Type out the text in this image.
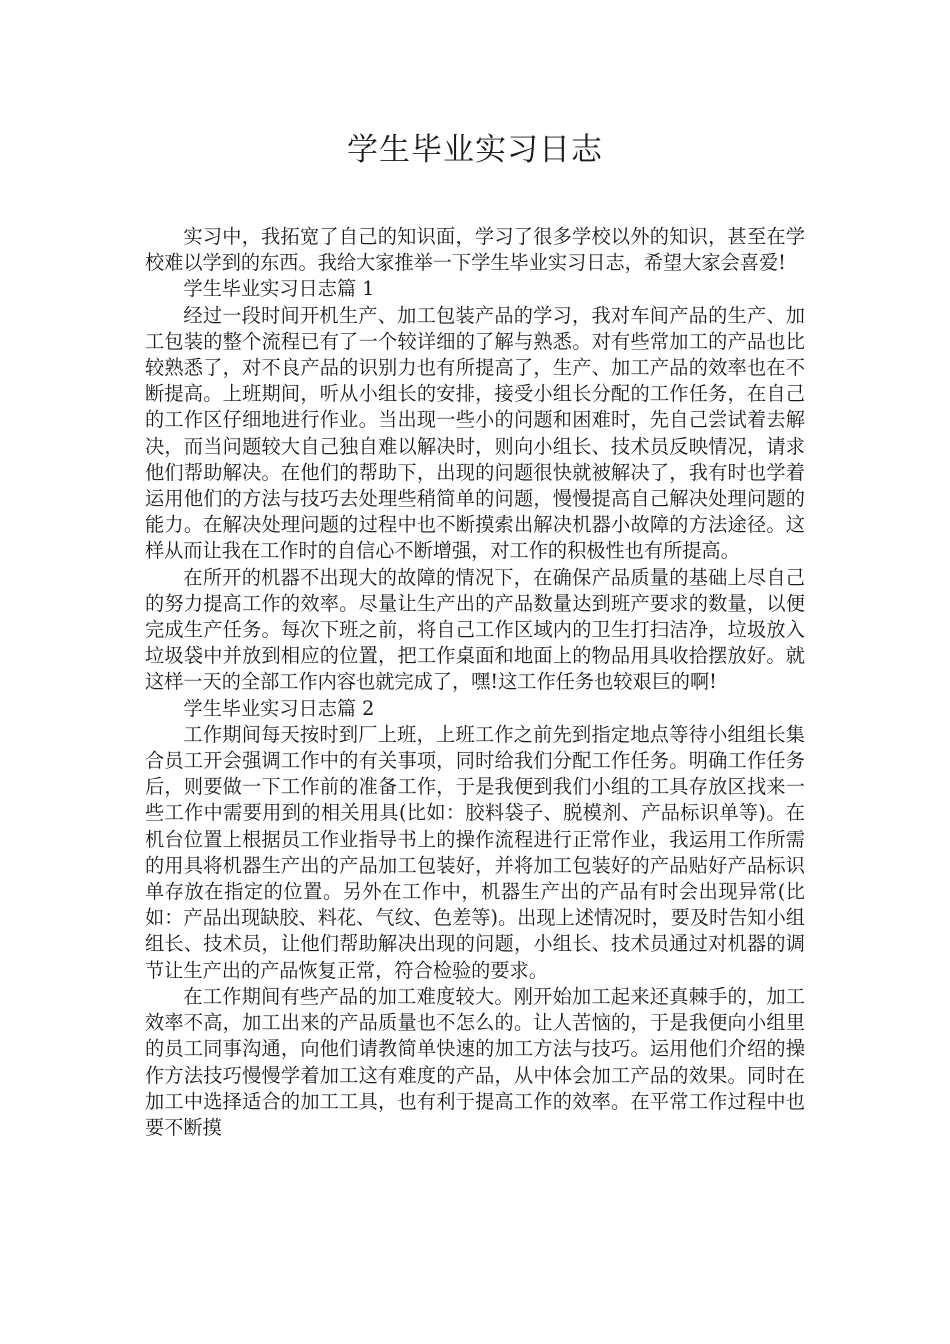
学生毕业实习日志

实习中，我拓宽了自己的知识面，学习了很多学校以外的知识，甚至在学校难以学到的东西。我给大家推举一下学生毕业实习日志，希望大家会喜爱!

学生毕业实习日志篇 1

经过一段时间开机生产、加工包装产品的学习，我对车间产品的生产、加工包装的整个流程已有了一个较详细的了解与熟悉。对有些常加工的产品也比较熟悉了，对不良产品的识别力也有所提高了，生产、加工产品的效率也在不断提高。上班期间，听从小组长的安排，接受小组长分配的工作任务，在自己的工作区仔细地进行作业。当出现一些小的问题和困难时，先自己尝试着去解决，而当问题较大自己独自难以解决时，则向小组长、技术员反映情况，请求他们帮助解决。在他们的帮助下，出现的问题很快就被解决了，我有时也学着运用他们的方法与技巧去处理些稍简单的问题，慢慢提高自己解决处理问题的能力。在解决处理问题的过程中也不断摸索出解决机器小故障的方法途径。这样从而让我在工作时的自信心不断增强，对工作的积极性也有所提高。

在所开的机器不出现大的故障的情况下，在确保产品质量的基础上尽自己的努力提高工作的效率。尽量让生产出的产品数量达到班产要求的数量，以便完成生产任务。每次下班之前，将自己工作区域内的卫生打扫洁净，垃圾放入垃圾袋中并放到相应的位置，把工作桌面和地面上的物品用具收拾摆放好。就这样一天的全部工作内容也就完成了，嘿!这工作任务也较艰巨的啊!

学生毕业实习日志篇 2

工作期间每天按时到厂上班，上班工作之前先到指定地点等待小组组长集合员工开会强调工作中的有关事项，同时给我们分配工作任务。明确工作任务后，则要做一下工作前的准备工作，于是我便到我们小组的工具存放区找来一些工作中需要用到的相关用具(比如：胶料袋子、脱模剂、产品标识单等)。在机台位置上根据员工作业指导书上的操作流程进行正常作业，我运用工作所需的用具将机器生产出的产品加工包装好，并将加工包装好的产品贴好产品标识单存放在指定的位置。另外在工作中，机器生产出的产品有时会出现异常(比如：产品出现缺胶、料花、气纹、色差等)。出现上述情况时，要及时告知小组组长、技术员，让他们帮助解决出现的问题，小组长、技术员通过对机器的调节让生产出的产品恢复正常，符合检验的要求。

在工作期间有些产品的加工难度较大。刚开始加工起来还真棘手的，加工效率不高，加工出来的产品质量也不怎么的。让人苦恼的，于是我便向小组里的员工同事沟通，向他们请教简单快速的加工方法与技巧。运用他们介绍的操作方法技巧慢慢学着加工这有难度的产品，从中体会加工产品的效果。同时在加工中选择适合的加工工具，也有利于提高工作的效率。在平常工作过程中也要不断摸
